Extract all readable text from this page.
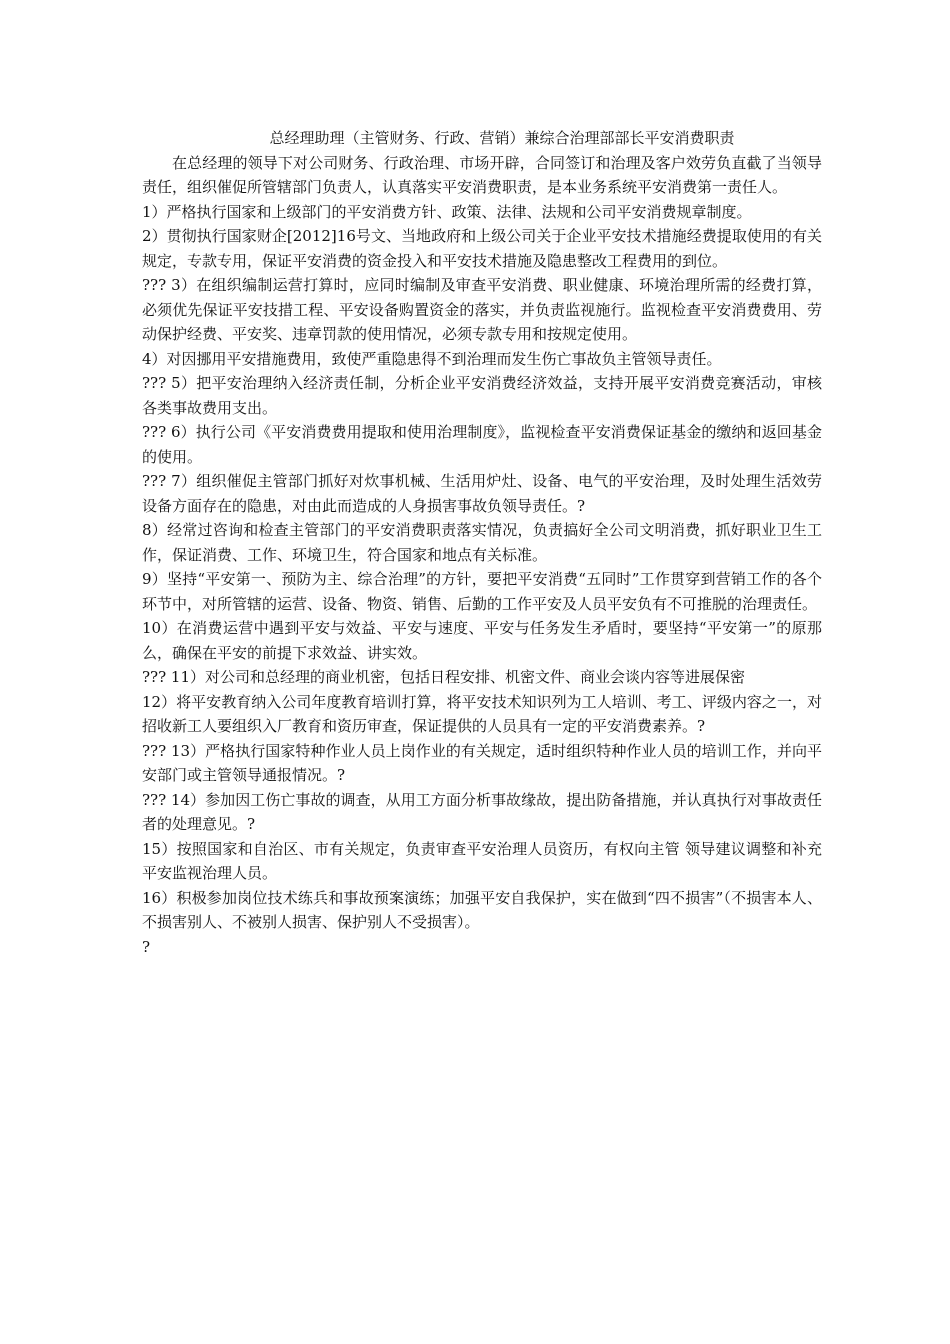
总经理助理（主管财务、行政、营销）兼综合治理部部长平安消费职责

在总经理的领导下对公司财务、行政治理、市场开辟，合同签订和治理及客户效劳负直截了当领导责任，组织催促所管辖部门负责人，认真落实平安消费职责，是本业务系统平安消费第一责任人。

1）严格执行国家和上级部门的平安消费方针、政策、法律、法规和公司平安消费规章制度。

2）贯彻执行国家财企[2012]16号文、当地政府和上级公司关于企业平安技术措施经费提取使用的有关规定，专款专用，保证平安消费的资金投入和平安技术措施及隐患整改工程费用的到位。

??? 3）在组织编制运营打算时，应同时编制及审查平安消费、职业健康、环境治理所需的经费打算，必须优先保证平安技措工程、平安设备购置资金的落实，并负责监视施行。监视检查平安消费费用、劳动保护经费、平安奖、违章罚款的使用情况，必须专款专用和按规定使用。

4）对因挪用平安措施费用，致使严重隐患得不到治理而发生伤亡事故负主管领导责任。

??? 5）把平安治理纳入经济责任制，分析企业平安消费经济效益，支持开展平安消费竞赛活动，审核各类事故费用支出。

??? 6）执行公司《平安消费费用提取和使用治理制度》，监视检查平安消费保证基金的缴纳和返回基金的使用。

??? 7）组织催促主管部门抓好对炊事机械、生活用炉灶、设备、电气的平安治理，及时处理生活效劳设备方面存在的隐患，对由此而造成的人身损害事故负领导责任。?

8）经常过咨询和检查主管部门的平安消费职责落实情况，负责搞好全公司文明消费，抓好职业卫生工作，保证消费、工作、环境卫生，符合国家和地点有关标准。

9）坚持“平安第一、预防为主、综合治理”的方针，要把平安消费“五同时”工作贯穿到营销工作的各个环节中，对所管辖的运营、设备、物资、销售、后勤的工作平安及人员平安负有不可推脱的治理责任。

10）在消费运营中遇到平安与效益、平安与速度、平安与任务发生矛盾时，要坚持“平安第一”的原那么，确保在平安的前提下求效益、讲实效。

??? 11）对公司和总经理的商业机密，包括日程安排、机密文件、商业会谈内容等进展保密

12）将平安教育纳入公司年度教育培训打算，将平安技术知识列为工人培训、考工、评级内容之一，对招收新工人要组织入厂教育和资历审查，保证提供的人员具有一定的平安消费素养。?

??? 13）严格执行国家特种作业人员上岗作业的有关规定，适时组织特种作业人员的培训工作，并向平安部门或主管领导通报情况。?

??? 14）参加因工伤亡事故的调查，从用工方面分析事故缘故，提出防备措施，并认真执行对事故责任者的处理意见。?

15）按照国家和自治区、市有关规定，负责审查平安治理人员资历，有权向主管 领导建议调整和补充平安监视治理人员。

16）积极参加岗位技术练兵和事故预案演练；加强平安自我保护，实在做到“四不损害”（不损害本人、不损害别人、不被别人损害、保护别人不受损害）。

?
